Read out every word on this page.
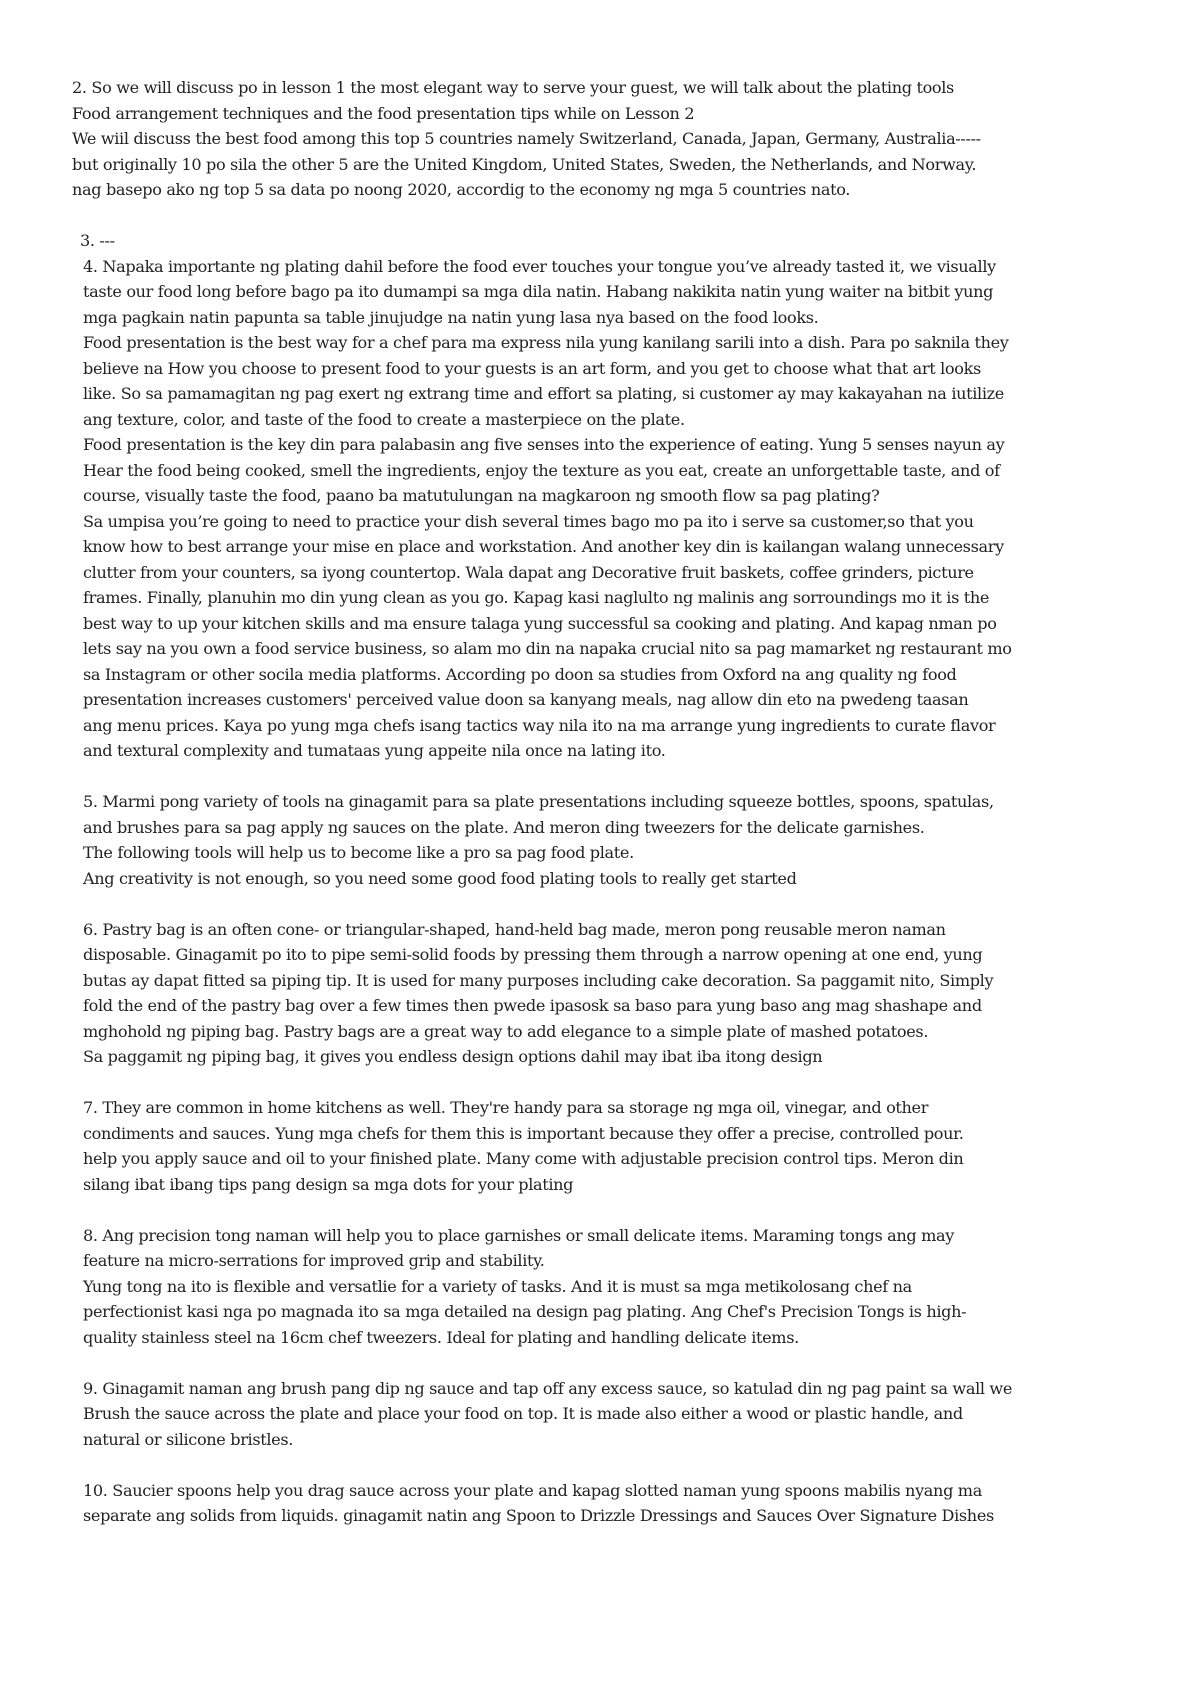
2. So we will discuss po in lesson 1 the most elegant way to serve your guest, we will talk about the plating tools
Food arrangement techniques and the food presentation tips while on Lesson 2
We wiil discuss the best food among this top 5 countries namely Switzerland, Canada, Japan, Germany, Australia-----
but originally 10 po sila the other 5 are the United Kingdom, United States, Sweden, the Netherlands, and Norway.
nag basepo ako ng top 5 sa data po noong 2020, accordig to the economy ng mga 5 countries nato.
3. ---
4. Napaka importante ng plating dahil before the food ever touches your tongue you’ve already tasted it, we visually
taste our food long before bago pa ito dumampi sa mga dila natin. Habang nakikita natin yung waiter na bitbit yung
mga pagkain natin papunta sa table jinujudge na natin yung lasa nya based on the food looks.
Food presentation is the best way for a chef para ma express nila yung kanilang sarili into a dish. Para po saknila they
believe na How you choose to present food to your guests is an art form, and you get to choose what that art looks
like. So sa pamamagitan ng pag exert ng extrang time and effort sa plating, si customer ay may kakayahan na iutilize
ang texture, color, and taste of the food to create a masterpiece on the plate.
Food presentation is the key din para palabasin ang five senses into the experience of eating. Yung 5 senses nayun ay
Hear the food being cooked, smell the ingredients, enjoy the texture as you eat, create an unforgettable taste, and of
course, visually taste the food, paano ba matutulungan na magkaroon ng smooth flow sa pag plating?
Sa umpisa you’re going to need to practice your dish several times bago mo pa ito i serve sa customer,so that you
know how to best arrange your mise en place and workstation. And another key din is kailangan walang unnecessary
clutter from your counters, sa iyong countertop. Wala dapat ang Decorative fruit baskets, coffee grinders, picture
frames. Finally, planuhin mo din yung clean as you go. Kapag kasi naglulto ng malinis ang sorroundings mo it is the
best way to up your kitchen skills and ma ensure talaga yung successful sa cooking and plating. And kapag nman po
lets say na you own a food service business, so alam mo din na napaka crucial nito sa pag mamarket ng restaurant mo
sa Instagram or other socila media platforms. According po doon sa studies from Oxford na ang quality ng food
presentation increases customers' perceived value doon sa kanyang meals, nag allow din eto na pwedeng taasan
ang menu prices. Kaya po yung mga chefs isang tactics way nila ito na ma arrange yung ingredients to curate flavor
and textural complexity and tumataas yung appeite nila once na lating ito.
5. Marmi pong variety of tools na ginagamit para sa plate presentations including squeeze bottles, spoons, spatulas,
and brushes para sa pag apply ng sauces on the plate. And meron ding tweezers for the delicate garnishes.
The following tools will help us to become like a pro sa pag food plate.
Ang creativity is not enough, so you need some good food plating tools to really get started
6. Pastry bag is an often cone- or triangular-shaped, hand-held bag made, meron pong reusable meron naman
disposable. Ginagamit po ito to pipe semi-solid foods by pressing them through a narrow opening at one end, yung
butas ay dapat fitted sa piping tip. It is used for many purposes including cake decoration. Sa paggamit nito, Simply
fold the end of the pastry bag over a few times then pwede ipasosk sa baso para yung baso ang mag shashape and
mghohold ng piping bag. Pastry bags are a great way to add elegance to a simple plate of mashed potatoes.
Sa paggamit ng piping bag, it gives you endless design options dahil may ibat iba itong design
7. They are common in home kitchens as well. They're handy para sa storage ng mga oil, vinegar, and other
condiments and sauces. Yung mga chefs for them this is important because they offer a precise, controlled pour.
help you apply sauce and oil to your finished plate. Many come with adjustable precision control tips. Meron din
silang ibat ibang tips pang design sa mga dots for your plating
8. Ang precision tong naman will help you to place garnishes or small delicate items. Maraming tongs ang may
feature na micro-serrations for improved grip and stability.
Yung tong na ito is flexible and versatlie for a variety of tasks. And it is must sa mga metikolosang chef na
perfectionist kasi nga po magnada ito sa mga detailed na design pag plating. Ang Chef's Precision Tongs is high-
quality stainless steel na 16cm chef tweezers. Ideal for plating and handling delicate items.
9. Ginagamit naman ang brush pang dip ng sauce and tap off any excess sauce, so katulad din ng pag paint sa wall we
Brush the sauce across the plate and place your food on top. It is made also either a wood or plastic handle, and
natural or silicone bristles.
10. Saucier spoons help you drag sauce across your plate and kapag slotted naman yung spoons mabilis nyang ma
separate ang solids from liquids. ginagamit natin ang Spoon to Drizzle Dressings and Sauces Over Signature Dishes
